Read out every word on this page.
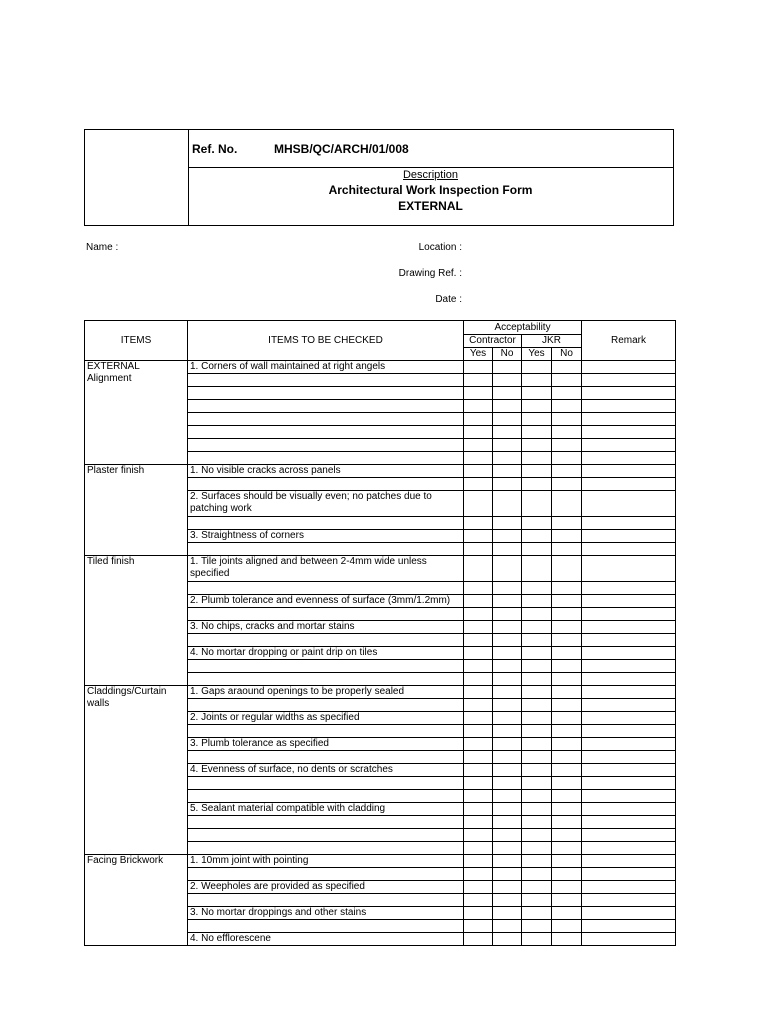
Ref. No.	MHSB/QC/ARCH/01/008
Description
Architectural Work Inspection Form
EXTERNAL
Name :	Location :
Drawing Ref. :
Date :
ITEMS	ITEMS TO BE CHECKED	Acceptability				Remark
		Contractor		JKR		
		Yes	No	Yes	No	
EXTERNAL Alignment	1. Corners of wall maintained at right angels					

Plaster finish	1. No visible cracks across panels					

	2. Surfaces should be visually even; no patches due to patching work					

	3. Straightness of corners					

Tiled finish	1. Tile joints aligned and between 2-4mm wide unless specified					

	2. Plumb tolerance and evenness of surface (3mm/1.2mm)					

	3. No chips, cracks and mortar stains					

	4. No mortar dropping or paint drip on tiles					

Claddings/Curtain walls	1. Gaps araound openings to be properly sealed					

	2. Joints or regular widths as specified					

	3. Plumb tolerance as specified					

	4. Evenness of surface, no dents or scratches					

	5. Sealant material compatible with cladding					

Facing Brickwork	1. 10mm joint with pointing					

	2. Weepholes are provided as specified					

	3. No mortar droppings and other stains					

	4. No efflorescene					
